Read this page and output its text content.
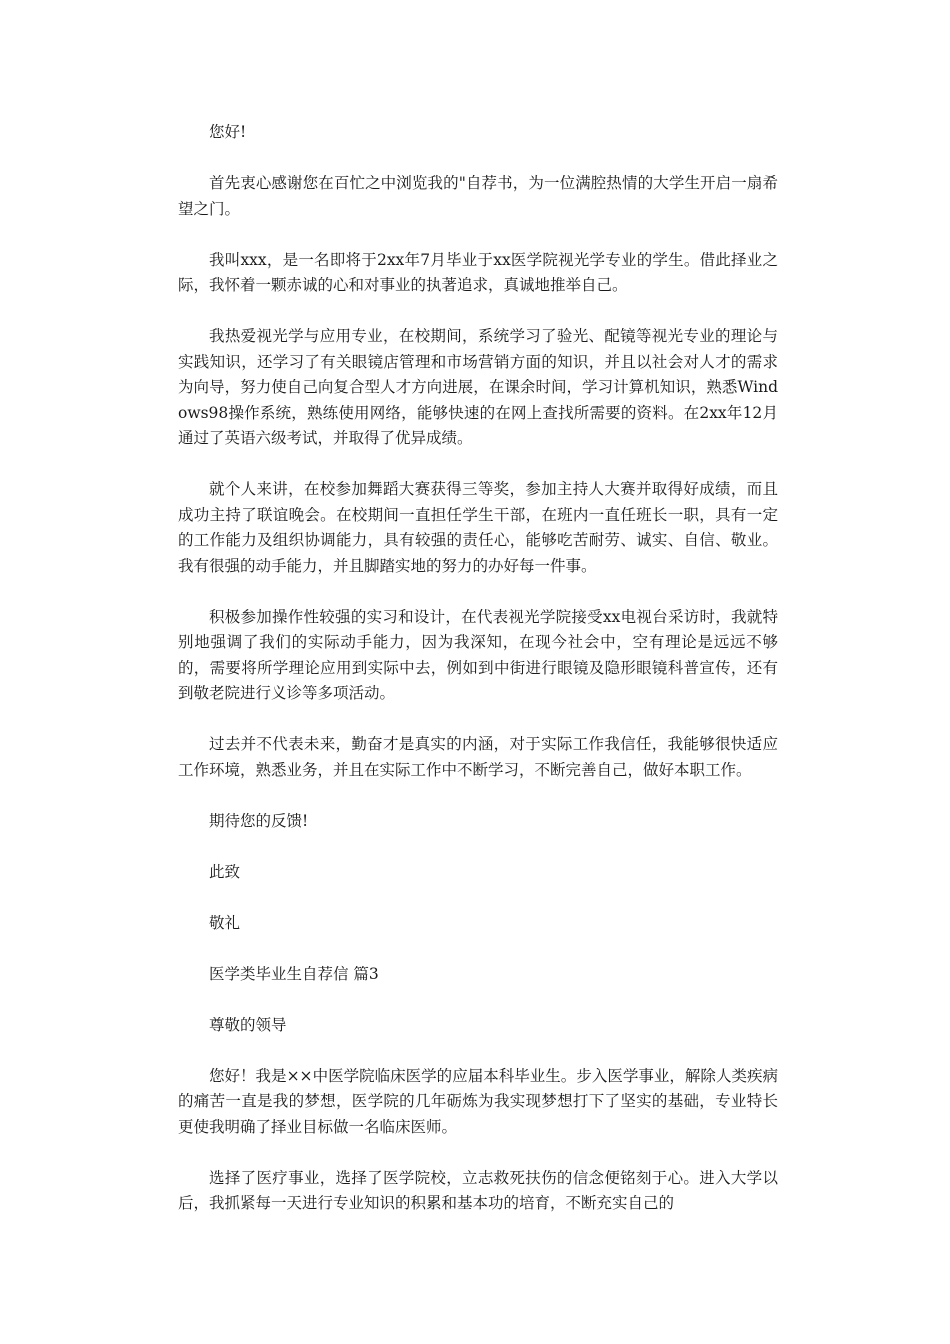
您好!

首先衷心感谢您在百忙之中浏览我的"自荐书，为一位满腔热情的大学生开启一扇希望之门。

我叫xxx，是一名即将于2xx年7月毕业于xx医学院视光学专业的学生。借此择业之际，我怀着一颗赤诚的心和对事业的执著追求，真诚地推举自己。

我热爱视光学与应用专业，在校期间，系统学习了验光、配镜等视光专业的理论与实践知识，还学习了有关眼镜店管理和市场营销方面的知识，并且以社会对人才的需求为向导，努力使自己向复合型人才方向进展，在课余时间，学习计算机知识，熟悉Windows98操作系统，熟练使用网络，能够快速的在网上查找所需要的资料。在2xx年12月通过了英语六级考试，并取得了优异成绩。

就个人来讲，在校参加舞蹈大赛获得三等奖，参加主持人大赛并取得好成绩，而且成功主持了联谊晚会。在校期间一直担任学生干部，在班内一直任班长一职，具有一定的工作能力及组织协调能力，具有较强的责任心，能够吃苦耐劳、诚实、自信、敬业。我有很强的动手能力，并且脚踏实地的努力的办好每一件事。

积极参加操作性较强的实习和设计，在代表视光学院接受xx电视台采访时，我就特别地强调了我们的实际动手能力，因为我深知，在现今社会中，空有理论是远远不够的，需要将所学理论应用到实际中去，例如到中街进行眼镜及隐形眼镜科普宣传，还有到敬老院进行义诊等多项活动。

过去并不代表未来，勤奋才是真实的内涵，对于实际工作我信任，我能够很快适应工作环境，熟悉业务，并且在实际工作中不断学习，不断完善自己，做好本职工作。

期待您的反馈!

此致

敬礼

医学类毕业生自荐信 篇3

尊敬的领导

您好！我是××中医学院临床医学的应届本科毕业生。步入医学事业，解除人类疾病的痛苦一直是我的梦想，医学院的几年砺炼为我实现梦想打下了坚实的基础，专业特长更使我明确了择业目标做一名临床医师。

选择了医疗事业，选择了医学院校，立志救死扶伤的信念便铭刻于心。进入大学以后，我抓紧每一天进行专业知识的积累和基本功的培育，不断充实自己的
